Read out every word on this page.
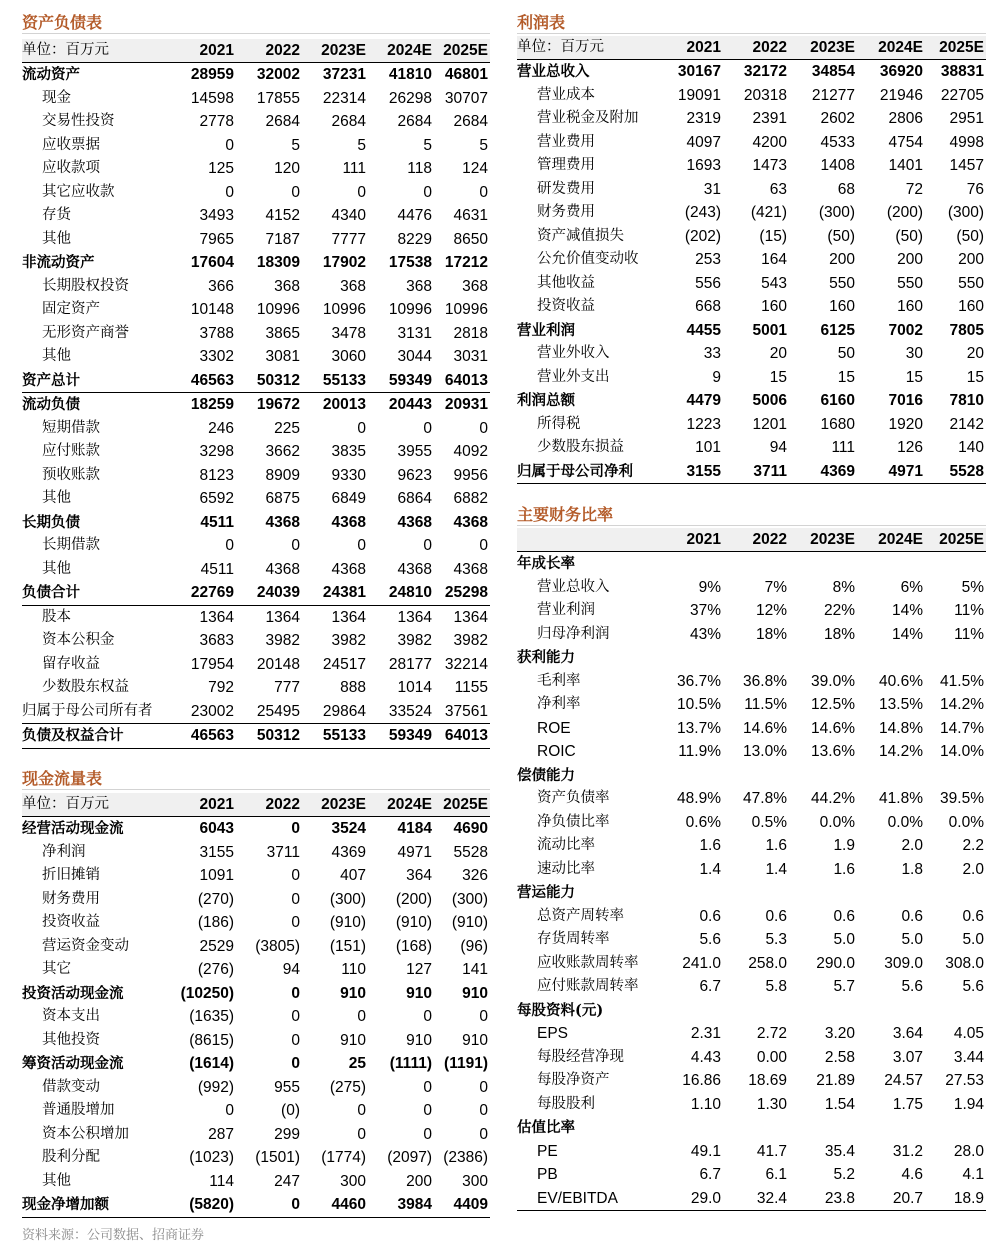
资产负债表
单位：百万元	2021	2022	2023E	2024E	2025E
流动资产	28959	32002	37231	41810	46801
现金	14598	17855	22314	26298	30707
交易性投资	2778	2684	2684	2684	2684
应收票据	0	5	5	5	5
应收款项	125	120	111	118	124
其它应收款	0	0	0	0	0
存货	3493	4152	4340	4476	4631
其他	7965	7187	7777	8229	8650
非流动资产	17604	18309	17902	17538	17212
长期股权投资	366	368	368	368	368
固定资产	10148	10996	10996	10996	10996
无形资产商誉	3788	3865	3478	3131	2818
其他	3302	3081	3060	3044	3031
资产总计	46563	50312	55133	59349	64013
流动负债	18259	19672	20013	20443	20931
短期借款	246	225	0	0	0
应付账款	3298	3662	3835	3955	4092
预收账款	8123	8909	9330	9623	9956
其他	6592	6875	6849	6864	6882
长期负债	4511	4368	4368	4368	4368
长期借款	0	0	0	0	0
其他	4511	4368	4368	4368	4368
负债合计	22769	24039	24381	24810	25298
股本	1364	1364	1364	1364	1364
资本公积金	3683	3982	3982	3982	3982
留存收益	17954	20148	24517	28177	32214
少数股东权益	792	777	888	1014	1155
归属于母公司所有者	23002	25495	29864	33524	37561
负债及权益合计	46563	50312	55133	59349	64013
现金流量表
单位：百万元	2021	2022	2023E	2024E	2025E
经营活动现金流	6043	0	3524	4184	4690
净利润	3155	3711	4369	4971	5528
折旧摊销	1091	0	407	364	326
财务费用	(270)	0	(300)	(200)	(300)
投资收益	(186)	0	(910)	(910)	(910)
营运资金变动	2529	(3805)	(151)	(168)	(96)
其它	(276)	94	110	127	141
投资活动现金流	(10250)	0	910	910	910
资本支出	(1635)	0	0	0	0
其他投资	(8615)	0	910	910	910
筹资活动现金流	(1614)	0	25	(1111)	(1191)
借款变动	(992)	955	(275)	0	0
普通股增加	0	(0)	0	0	0
资本公积增加	287	299	0	0	0
股利分配	(1023)	(1501)	(1774)	(2097)	(2386)
其他	114	247	300	200	300
现金净增加额	(5820)	0	4460	3984	4409
利润表
单位：百万元	2021	2022	2023E	2024E	2025E
营业总收入	30167	32172	34854	36920	38831
营业成本	19091	20318	21277	21946	22705
营业税金及附加	2319	2391	2602	2806	2951
营业费用	4097	4200	4533	4754	4998
管理费用	1693	1473	1408	1401	1457
研发费用	31	63	68	72	76
财务费用	(243)	(421)	(300)	(200)	(300)
资产减值损失	(202)	(15)	(50)	(50)	(50)
公允价值变动收	253	164	200	200	200
其他收益	556	543	550	550	550
投资收益	668	160	160	160	160
营业利润	4455	5001	6125	7002	7805
营业外收入	33	20	50	30	20
营业外支出	9	15	15	15	15
利润总额	4479	5006	6160	7016	7810
所得税	1223	1201	1680	1920	2142
少数股东损益	101	94	111	126	140
归属于母公司净利	3155	3711	4369	4971	5528
主要财务比率
	2021	2022	2023E	2024E	2025E
年成长率					
营业总收入	9%	7%	8%	6%	5%
营业利润	37%	12%	22%	14%	11%
归母净利润	43%	18%	18%	14%	11%
获利能力					
毛利率	36.7%	36.8%	39.0%	40.6%	41.5%
净利率	10.5%	11.5%	12.5%	13.5%	14.2%
ROE	13.7%	14.6%	14.6%	14.8%	14.7%
ROIC	11.9%	13.0%	13.6%	14.2%	14.0%
偿债能力					
资产负债率	48.9%	47.8%	44.2%	41.8%	39.5%
净负债比率	0.6%	0.5%	0.0%	0.0%	0.0%
流动比率	1.6	1.6	1.9	2.0	2.2
速动比率	1.4	1.4	1.6	1.8	2.0
营运能力					
总资产周转率	0.6	0.6	0.6	0.6	0.6
存货周转率	5.6	5.3	5.0	5.0	5.0
应收账款周转率	241.0	258.0	290.0	309.0	308.0
应付账款周转率	6.7	5.8	5.7	5.6	5.6
每股资料(元)					
EPS	2.31	2.72	3.20	3.64	4.05
每股经营净现	4.43	0.00	2.58	3.07	3.44
每股净资产	16.86	18.69	21.89	24.57	27.53
每股股利	1.10	1.30	1.54	1.75	1.94
估值比率					
PE	49.1	41.7	35.4	31.2	28.0
PB	6.7	6.1	5.2	4.6	4.1
EV/EBITDA	29.0	32.4	23.8	20.7	18.9
资料来源：公司数据、招商证券
